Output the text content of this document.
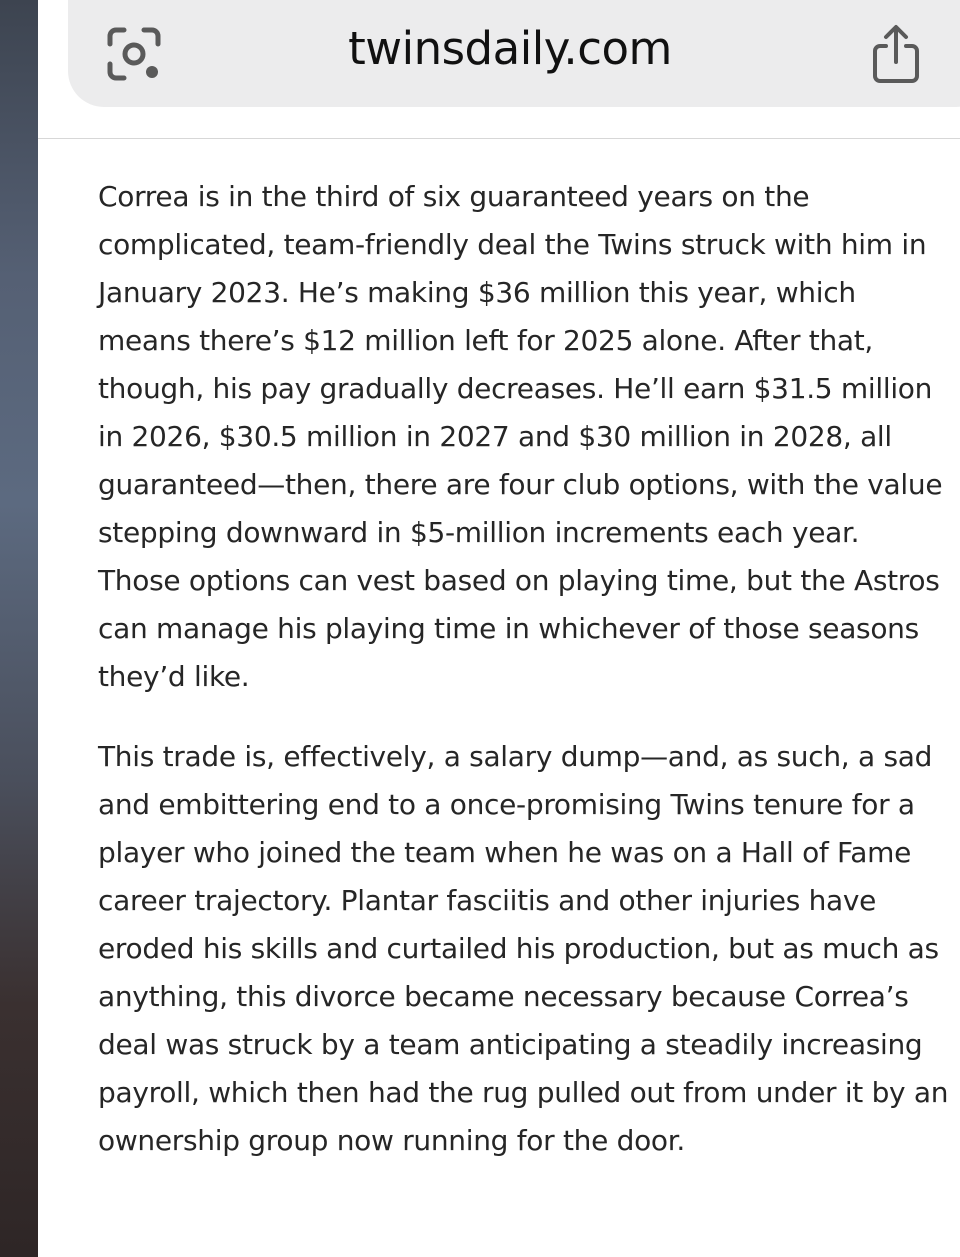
twinsdaily.com

Correa is in the third of six guaranteed years on the complicated, team-friendly deal the Twins struck with him in January 2023. He’s making $36 million this year, which means there’s $12 million left for 2025 alone. After that, though, his pay gradually decreases. He’ll earn $31.5 million in 2026, $30.5 million in 2027 and $30 million in 2028, all guaranteed—then, there are four club options, with the value stepping downward in $5-million increments each year. Those options can vest based on playing time, but the Astros can manage his playing time in whichever of those seasons they’d like.

This trade is, effectively, a salary dump—and, as such, a sad and embittering end to a once-promising Twins tenure for a player who joined the team when he was on a Hall of Fame career trajectory. Plantar fasciitis and other injuries have eroded his skills and curtailed his production, but as much as anything, this divorce became necessary because Correa’s deal was struck by a team anticipating a steadily increasing payroll, which then had the rug pulled out from under it by an ownership group now running for the door.
